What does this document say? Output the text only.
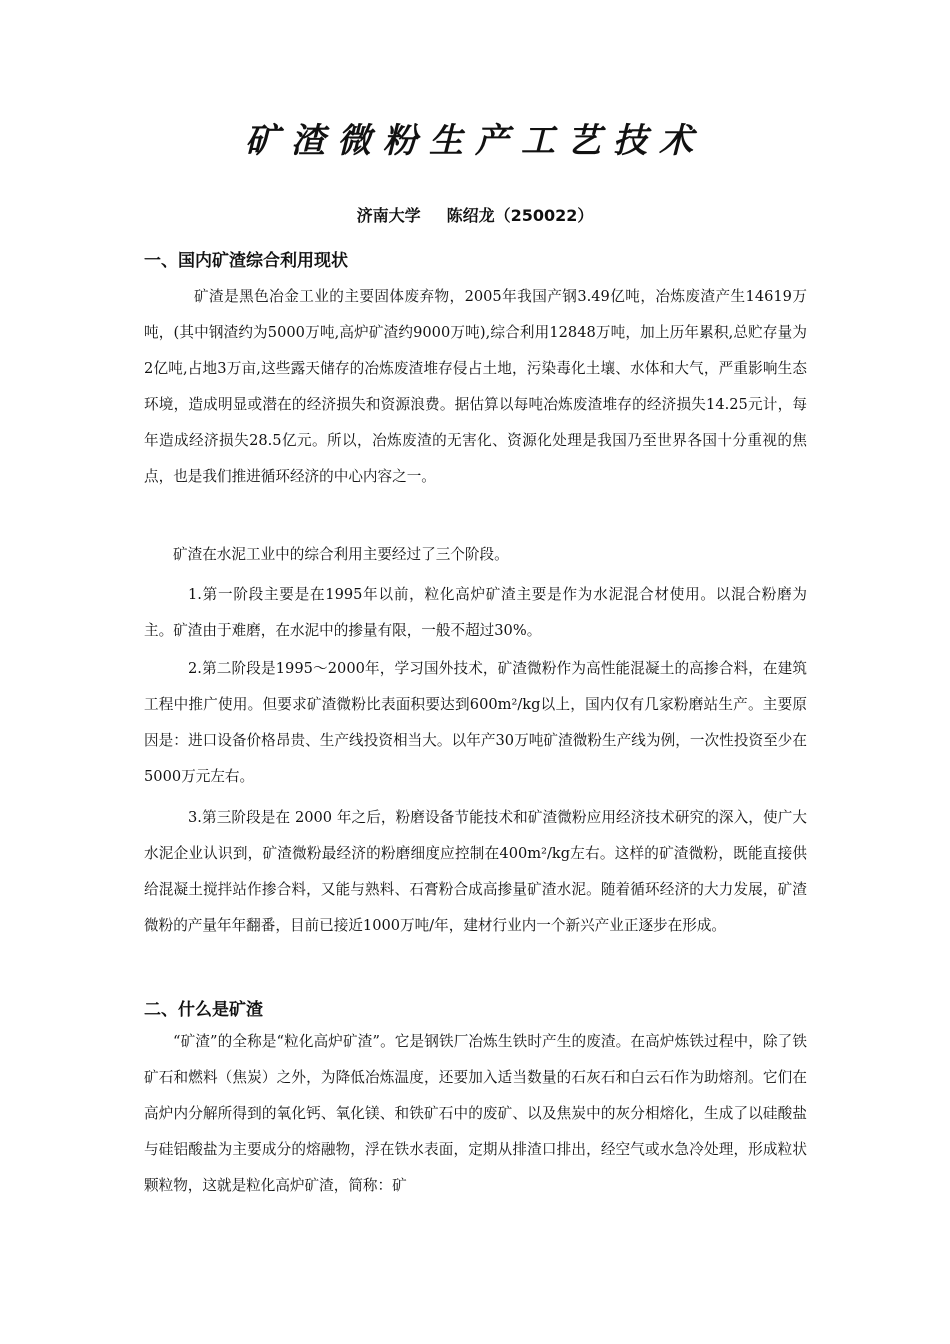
矿渣微粉生产工艺技术
济南大学 陈绍龙（250022）
一、国内矿渣综合利用现状
矿渣是黑色冶金工业的主要固体废弃物，2005年我国产钢3.49亿吨，冶炼废渣产生14619万吨，(其中钢渣约为5000万吨,高炉矿渣约9000万吨),综合利用12848万吨，加上历年累积,总贮存量为2亿吨,占地3万亩,这些露天储存的冶炼废渣堆存侵占土地，污染毒化土壤、水体和大气，严重影响生态环境，造成明显或潜在的经济损失和资源浪费。据估算以每吨冶炼废渣堆存的经济损失14.25元计，每年造成经济损失28.5亿元。所以，冶炼废渣的无害化、资源化处理是我国乃至世界各国十分重视的焦点，也是我们推进循环经济的中心内容之一。
矿渣在水泥工业中的综合利用主要经过了三个阶段。
1.第一阶段主要是在1995年以前，粒化高炉矿渣主要是作为水泥混合材使用。以混合粉磨为主。矿渣由于难磨，在水泥中的掺量有限，一般不超过30%。
2.第二阶段是1995～2000年，学习国外技术，矿渣微粉作为高性能混凝土的高掺合料，在建筑工程中推广使用。但要求矿渣微粉比表面积要达到600m²/kg以上，国内仅有几家粉磨站生产。主要原因是：进口设备价格昂贵、生产线投资相当大。以年产30万吨矿渣微粉生产线为例，一次性投资至少在5000万元左右。
3.第三阶段是在 2000 年之后，粉磨设备节能技术和矿渣微粉应用经济技术研究的深入，使广大水泥企业认识到，矿渣微粉最经济的粉磨细度应控制在400m²/kg左右。这样的矿渣微粉，既能直接供给混凝土搅拌站作掺合料，又能与熟料、石膏粉合成高掺量矿渣水泥。随着循环经济的大力发展，矿渣微粉的产量年年翻番，目前已接近1000万吨/年，建材行业内一个新兴产业正逐步在形成。
二、什么是矿渣
“矿渣”的全称是“粒化高炉矿渣”。它是钢铁厂冶炼生铁时产生的废渣。在高炉炼铁过程中，除了铁矿石和燃料（焦炭）之外，为降低冶炼温度，还要加入适当数量的石灰石和白云石作为助熔剂。它们在高炉内分解所得到的氧化钙、氧化镁、和铁矿石中的废矿、以及焦炭中的灰分相熔化，生成了以硅酸盐与硅铝酸盐为主要成分的熔融物，浮在铁水表面，定期从排渣口排出，经空气或水急冷处理，形成粒状颗粒物，这就是粒化高炉矿渣，简称：矿
